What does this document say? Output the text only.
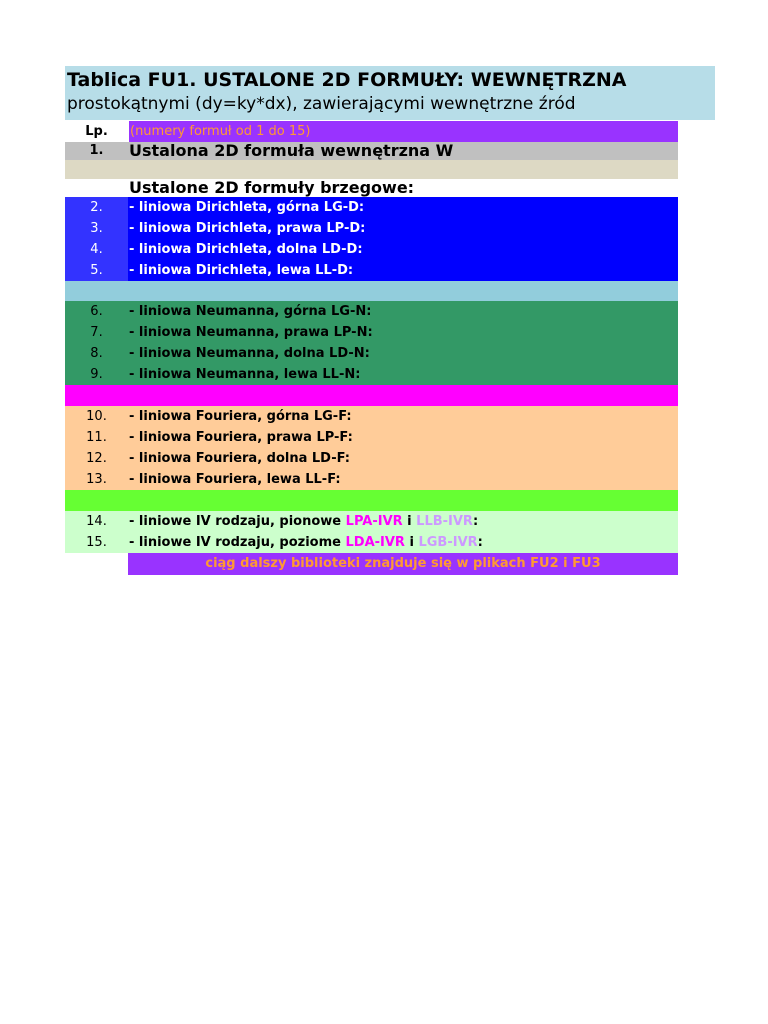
Tablica FU1. USTALONE 2D FORMUŁY: WEWNĘTRZNA
prostokątnymi (dy=ky*dx), zawierającymi wewnętrzne źród
Lp.	(numery formuł od 1 do 15)
1.	Ustalona 2D formuła wewnętrzna W
Ustalone 2D formuły brzegowe:
2.	- liniowa Dirichleta, górna LG-D:
3.	- liniowa Dirichleta, prawa LP-D:
4.	- liniowa Dirichleta, dolna LD-D:
5.	- liniowa Dirichleta, lewa LL-D:
6.	- liniowa Neumanna, górna LG-N:
7.	- liniowa Neumanna, prawa LP-N:
8.	- liniowa Neumanna, dolna LD-N:
9.	- liniowa Neumanna, lewa LL-N:
10.	- liniowa Fouriera, górna LG-F:
11.	- liniowa Fouriera, prawa LP-F:
12.	- liniowa Fouriera, dolna LD-F:
13.	- liniowa Fouriera, lewa LL-F:
14.	- liniowe IV rodzaju, pionowe LPA-IVR i LLB-IVR:
15.	- liniowe IV rodzaju, poziome LDA-IVR i LGB-IVR:
ciąg dalszy biblioteki znajduje się w plikach FU2 i FU3
